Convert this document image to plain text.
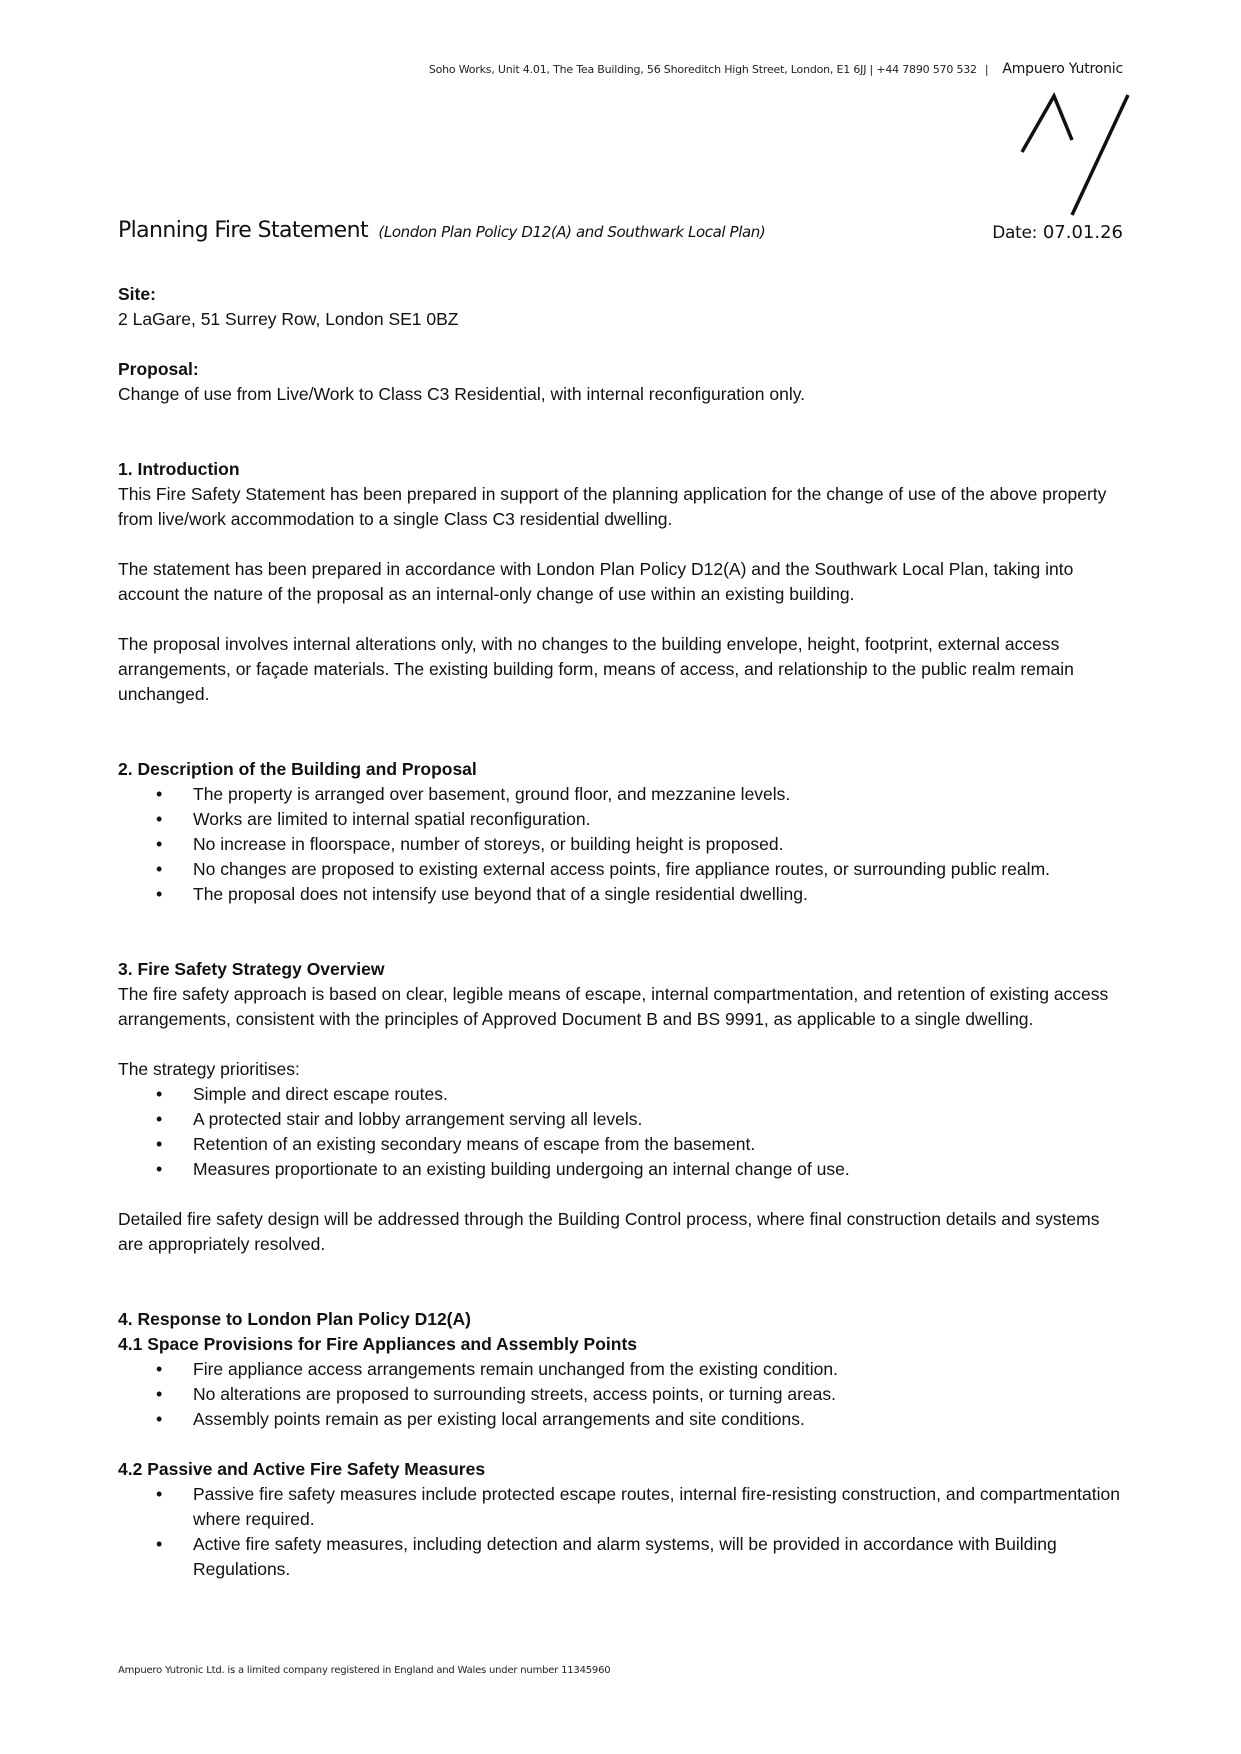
Soho Works, Unit 4.01, The Tea Building, 56 Shoreditch High Street, London, E1 6JJ | +44 7890 570 532 | Ampuero Yutronic
Planning Fire Statement (London Plan Policy D12(A) and Southwark Local Plan)	Date: 07.01.26

Site:

2 LaGare, 51 Surrey Row, London SE1 0BZ

Proposal:

Change of use from Live/Work to Class C3 Residential, with internal reconfiguration only.

1. Introduction

This Fire Safety Statement has been prepared in support of the planning application for the change of use of the above property from live/work accommodation to a single Class C3 residential dwelling.

The statement has been prepared in accordance with London Plan Policy D12(A) and the Southwark Local Plan, taking into account the nature of the proposal as an internal-only change of use within an existing building.

The proposal involves internal alterations only, with no changes to the building envelope, height, footprint, external access arrangements, or façade materials. The existing building form, means of access, and relationship to the public realm remain unchanged.

2. Description of the Building and Proposal

• The property is arranged over basement, ground floor, and mezzanine levels.
• Works are limited to internal spatial reconfiguration.
• No increase in floorspace, number of storeys, or building height is proposed.
• No changes are proposed to existing external access points, fire appliance routes, or surrounding public realm.
• The proposal does not intensify use beyond that of a single residential dwelling.

3. Fire Safety Strategy Overview

The fire safety approach is based on clear, legible means of escape, internal compartmentation, and retention of existing access arrangements, consistent with the principles of Approved Document B and BS 9991, as applicable to a single dwelling.

The strategy prioritises:

• Simple and direct escape routes.
• A protected stair and lobby arrangement serving all levels.
• Retention of an existing secondary means of escape from the basement.
• Measures proportionate to an existing building undergoing an internal change of use.

Detailed fire safety design will be addressed through the Building Control process, where final construction details and systems are appropriately resolved.

4. Response to London Plan Policy D12(A)

4.1 Space Provisions for Fire Appliances and Assembly Points

• Fire appliance access arrangements remain unchanged from the existing condition.
• No alterations are proposed to surrounding streets, access points, or turning areas.
• Assembly points remain as per existing local arrangements and site conditions.

4.2 Passive and Active Fire Safety Measures

• Passive fire safety measures include protected escape routes, internal fire-resisting construction, and compartmentation where required.
• Active fire safety measures, including detection and alarm systems, will be provided in accordance with Building Regulations.
Ampuero Yutronic Ltd. is a limited company registered in England and Wales under number 11345960
